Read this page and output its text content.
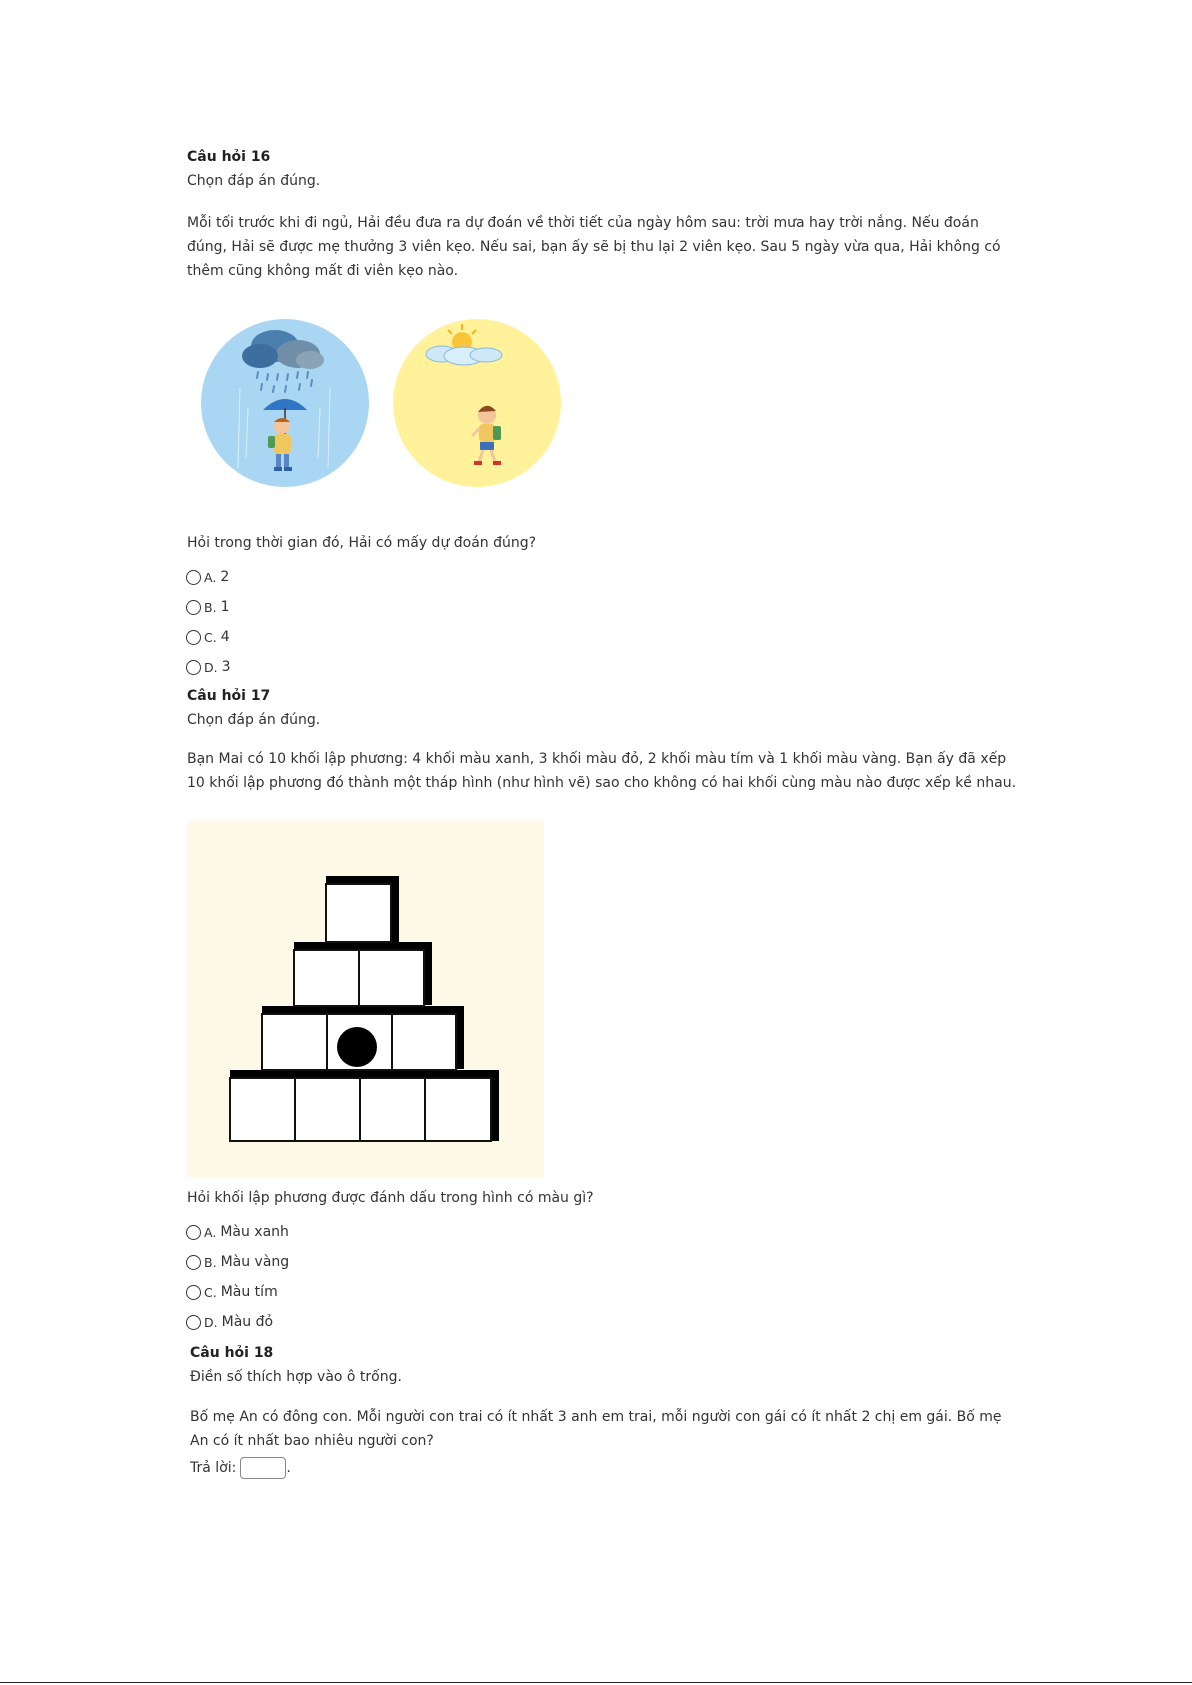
Câu hỏi 16
Chọn đáp án đúng.
Mỗi tối trước khi đi ngủ, Hải đều đưa ra dự đoán về thời tiết của ngày hôm sau: trời mưa hay trời nắng. Nếu đoán đúng, Hải sẽ được mẹ thưởng 3 viên kẹo. Nếu sai, bạn ấy sẽ bị thu lại 2 viên kẹo. Sau 5 ngày vừa qua, Hải không có thêm cũng không mất đi viên kẹo nào.
Hỏi trong thời gian đó, Hải có mấy dự đoán đúng?
A. 2
B. 1
C. 4
D. 3
Câu hỏi 17
Chọn đáp án đúng.
Bạn Mai có 10 khối lập phương: 4 khối màu xanh, 3 khối màu đỏ, 2 khối màu tím và 1 khối màu vàng. Bạn ấy đã xếp 10 khối lập phương đó thành một tháp hình (như hình vẽ) sao cho không có hai khối cùng màu nào được xếp kề nhau.
Hỏi khối lập phương được đánh dấu trong hình có màu gì?
A. Màu xanh
B. Màu vàng
C. Màu tím
D. Màu đỏ
Câu hỏi 18
Điền số thích hợp vào ô trống.
Bố mẹ An có đông con. Mỗi người con trai có ít nhất 3 anh em trai, mỗi người con gái có ít nhất 2 chị em gái. Bố mẹ An có ít nhất bao nhiêu người con?
Trả lời:	.
